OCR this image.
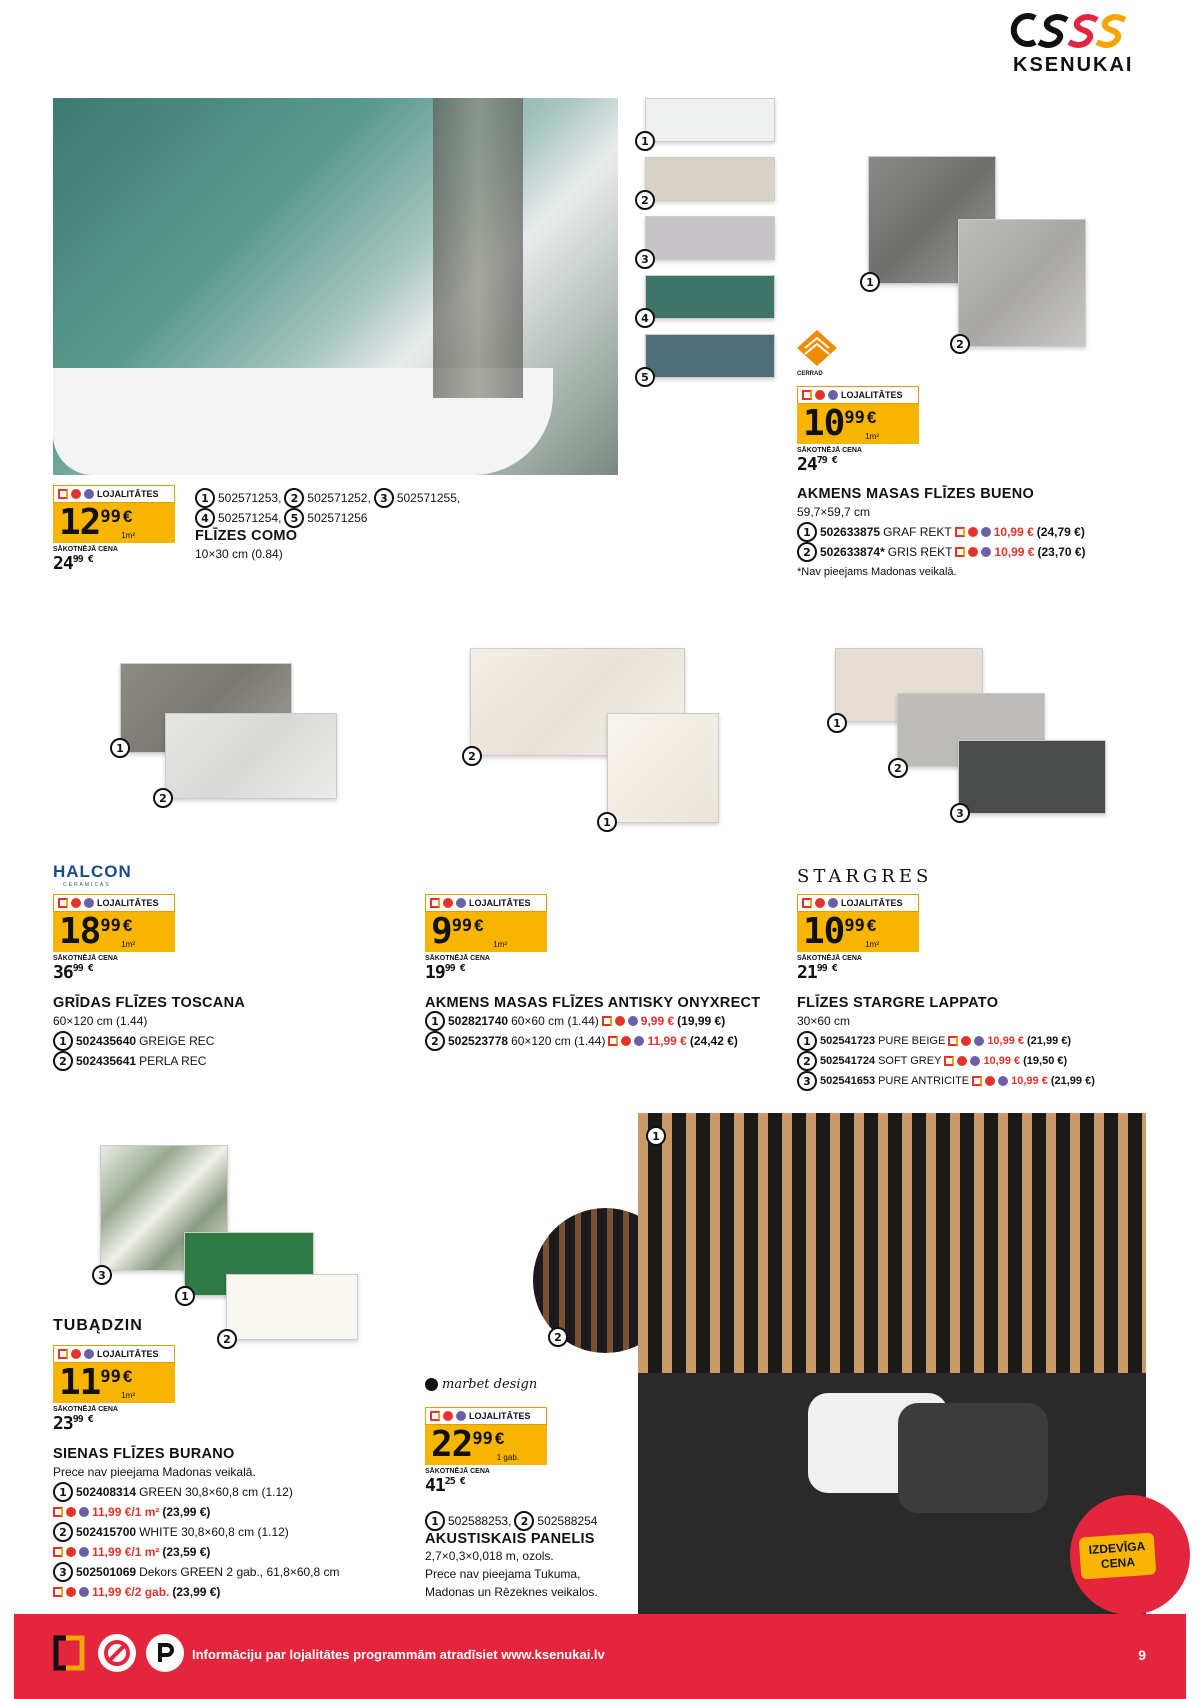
KSENUKAI
1
2
3
4
5
1
2
CERRAD
LOJALITĀTES
10 99 €
1m²
SĀKOTNĒJĀ CENA
$24^{79 €}$
AKMENS MASAS FLĪZES BUENO
59,7×59,7 cm
1 502633875 GRAF REKT	10,99 € (24,79 €)
2 502633874* GRIS REKT	10,99 € (23,70 €)
*Nav pieejams Madonas veikalā.
LOJALITĀTES
12 99 €
1m²
SĀKOTNĒJĀ CENA
$24^{99 €}$
1 502571253, 2 502571252, 3 502571255,
4 502571254, 5 502571256
FLĪZES COMO
10×30 cm (0.84)
1
2
2
1
1
2
3
HALCON
CERAMICAS	STARGRES
LOJALITĀTES
18 99 €
1m²
SĀKOTNĒJĀ CENA
$36^{99 €}$
LOJALITĀTES
9 99 €
1m²
SĀKOTNĒJĀ CENA
$19^{99 €}$
LOJALITĀTES
10 99 €
1m²
SĀKOTNĒJĀ CENA
$21^{99 €}$
GRĪDAS FLĪZES TOSCANA
60×120 cm (1.44)
1 502435640 GREIGE REC
2 502435641 PERLA REC
AKMENS MASAS FLĪZES ANTISKY ONYXRECT
1 502821740 60×60 cm (1.44)	9,99 € (19,99 €)
2 502523778 60×120 cm (1.44)	11,99 € (24,42 €)
FLĪZES STARGRE LAPPATO
30×60 cm
1 502541723 PURE BEIGE	10,99 € (21,99 €)
2 502541724 SOFT GREY	10,99 € (19,50 €)
3 502541653 PURE ANTRICITE	10,99 € (21,99 €)
3
1
2
TUBĄDZIN
LOJALITĀTES
11 99 €
1m²
SĀKOTNĒJĀ CENA
$23^{99 €}$
SIENAS FLĪZES BURANO
Prece nav pieejama Madonas veikalā.
1 502408314 GREEN 30,8×60,8 cm (1.12)
11,99 €/1 m² (23,99 €)
2 502415700 WHITE 30,8×60,8 cm (1.12)
11,99 €/1 m² (23,59 €)
3 502501069 Dekors GREEN 2 gab., 61,8×60,8 cm
11,99 €/2 gab. (23,99 €)
2
1
marbet design
LOJALITĀTES
22 99 €
1 gab.
SĀKOTNĒJĀ CENA
$41^{25 €}$
1 502588253, 2 502588254
AKUSTISKAIS PANELIS
2,7×0,3×0,018 m, ozols.
Prece nav pieejama Tukuma,
Madonas un Rēzeknes veikalos.
IZDEVĪGA
CENA
Informāciju par lojalitātes programmām atradīsiet www.ksenukai.lv	9
